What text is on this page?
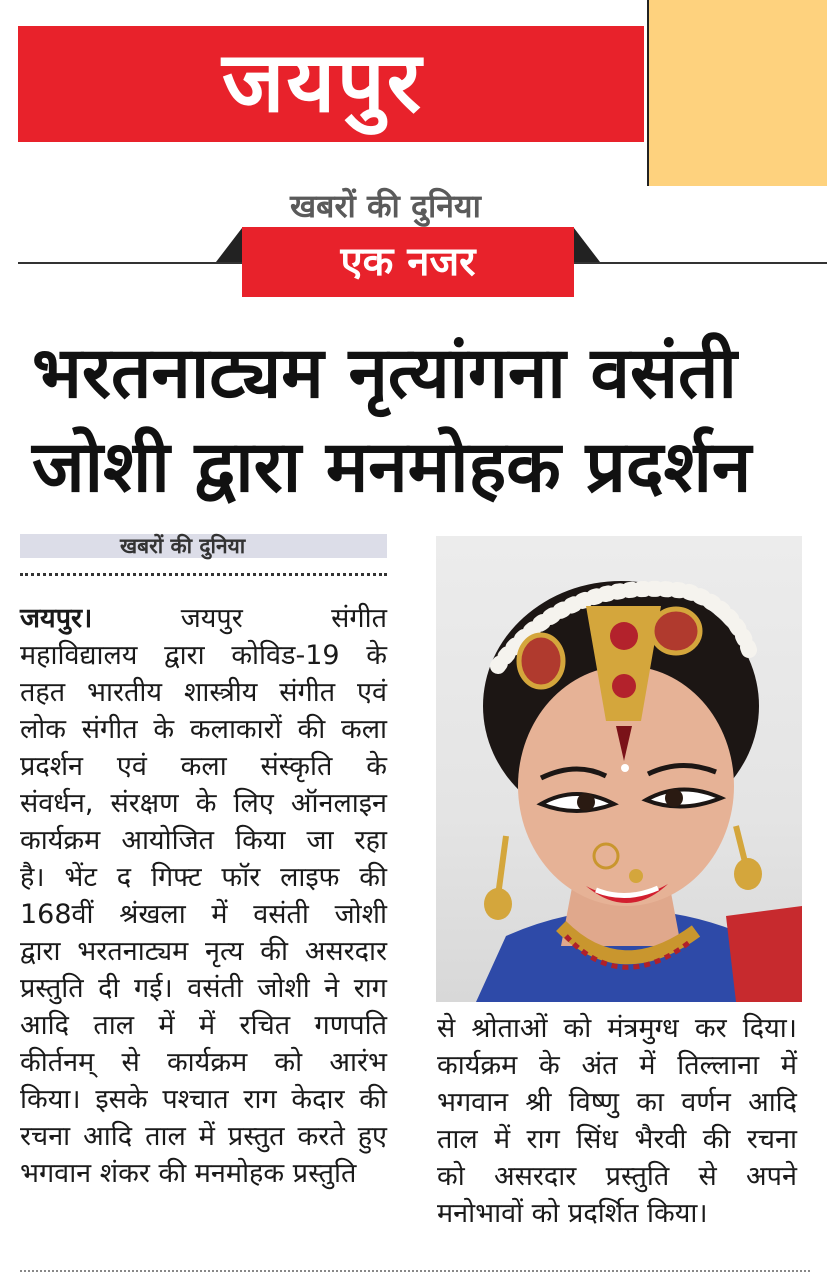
जयपुर
खबरों की दुनिया
एक नजर
भरतनाट्यम नृत्यांगना वसंती
जोशी द्वारा मनमोहक प्रदर्शन
खबरों की दुनिया
जयपुर।	जयपुर संगीत
महाविद्यालय द्वारा कोविड-19 के
तहत भारतीय शास्त्रीय संगीत एवं
लोक संगीत के कलाकारों की कला
प्रदर्शन एवं कला संस्कृति के
संवर्धन, संरक्षण के लिए ऑनलाइन
कार्यक्रम आयोजित किया जा रहा
है। भेंट द गिफ्ट फॉर लाइफ की
168वीं श्रंखला में वसंती जोशी
द्वारा भरतनाट्यम नृत्य की असरदार
प्रस्तुति दी गई। वसंती जोशी ने राग
आदि ताल में में रचित गणपति
कीर्तनम् से कार्यक्रम को आरंभ
किया। इसके पश्चात राग केदार की
रचना आदि ताल में प्रस्तुत करते हुए
भगवान शंकर की मनमोहक प्रस्तुति
से श्रोताओं को मंत्रमुग्ध कर दिया।
कार्यक्रम के अंत में तिल्लाना में
भगवान श्री विष्णु का वर्णन आदि
ताल में राग सिंध भैरवी की रचना
को असरदार प्रस्तुति से अपने
मनोभावों को प्रदर्शित किया।
